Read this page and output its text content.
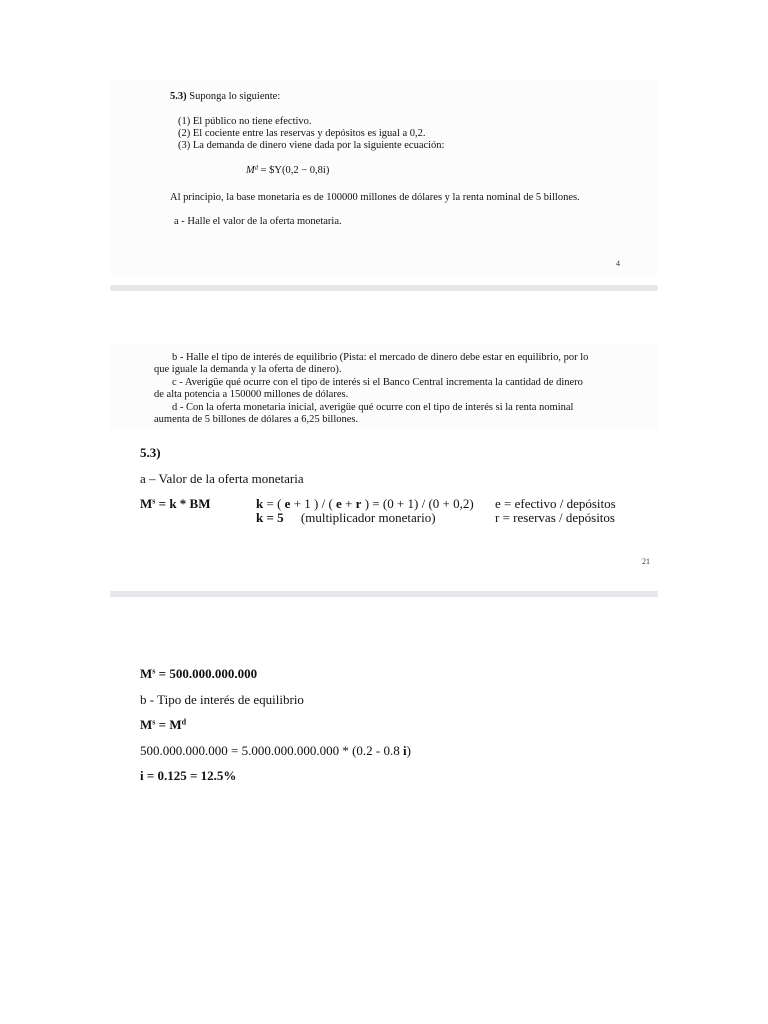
5.3) Suponga lo siguiente:
(1) El público no tiene efectivo.
(2) El cociente entre las reservas y depósitos es igual a 0,2.
(3) La demanda de dinero viene dada por la siguiente ecuación:
$M^d$ = $Y(0,2 − 0,8i)
Al principio, la base monetaria es de 100000 millones de dólares y la renta nominal de 5 billones.
a - Halle el valor de la oferta monetaria.
4
b - Halle el tipo de interés de equilibrio (Pista: el mercado de dinero debe estar en equilibrio, por lo
que iguale la demanda y la oferta de dinero).
c - Averigüe qué ocurre con el tipo de interés si el Banco Central incrementa la cantidad de dinero
de alta potencia a 150000 millones de dólares.
d - Con la oferta monetaria inicial, averigüe qué ocurre con el tipo de interés si la renta nominal
aumenta de 5 billones de dólares a 6,25 billones.
5.3)
a – Valor de la oferta monetaria
$M^s = k$ * BM	k = ( e + 1 ) / ( e + r ) = (0 + 1) / (0 + 0,2)
k = 5 (multiplicador monetario)
e = efectivo / depósitos
r = reservas / depósitos
21
$M^s = 500.000.000.000$
b - Tipo de interés de equilibrio
$M^s = M^d$
500.000.000.000 = 5.000.000.000.000 * (0.2 - 0.8 i)
i = 0.125 = 12.5%
